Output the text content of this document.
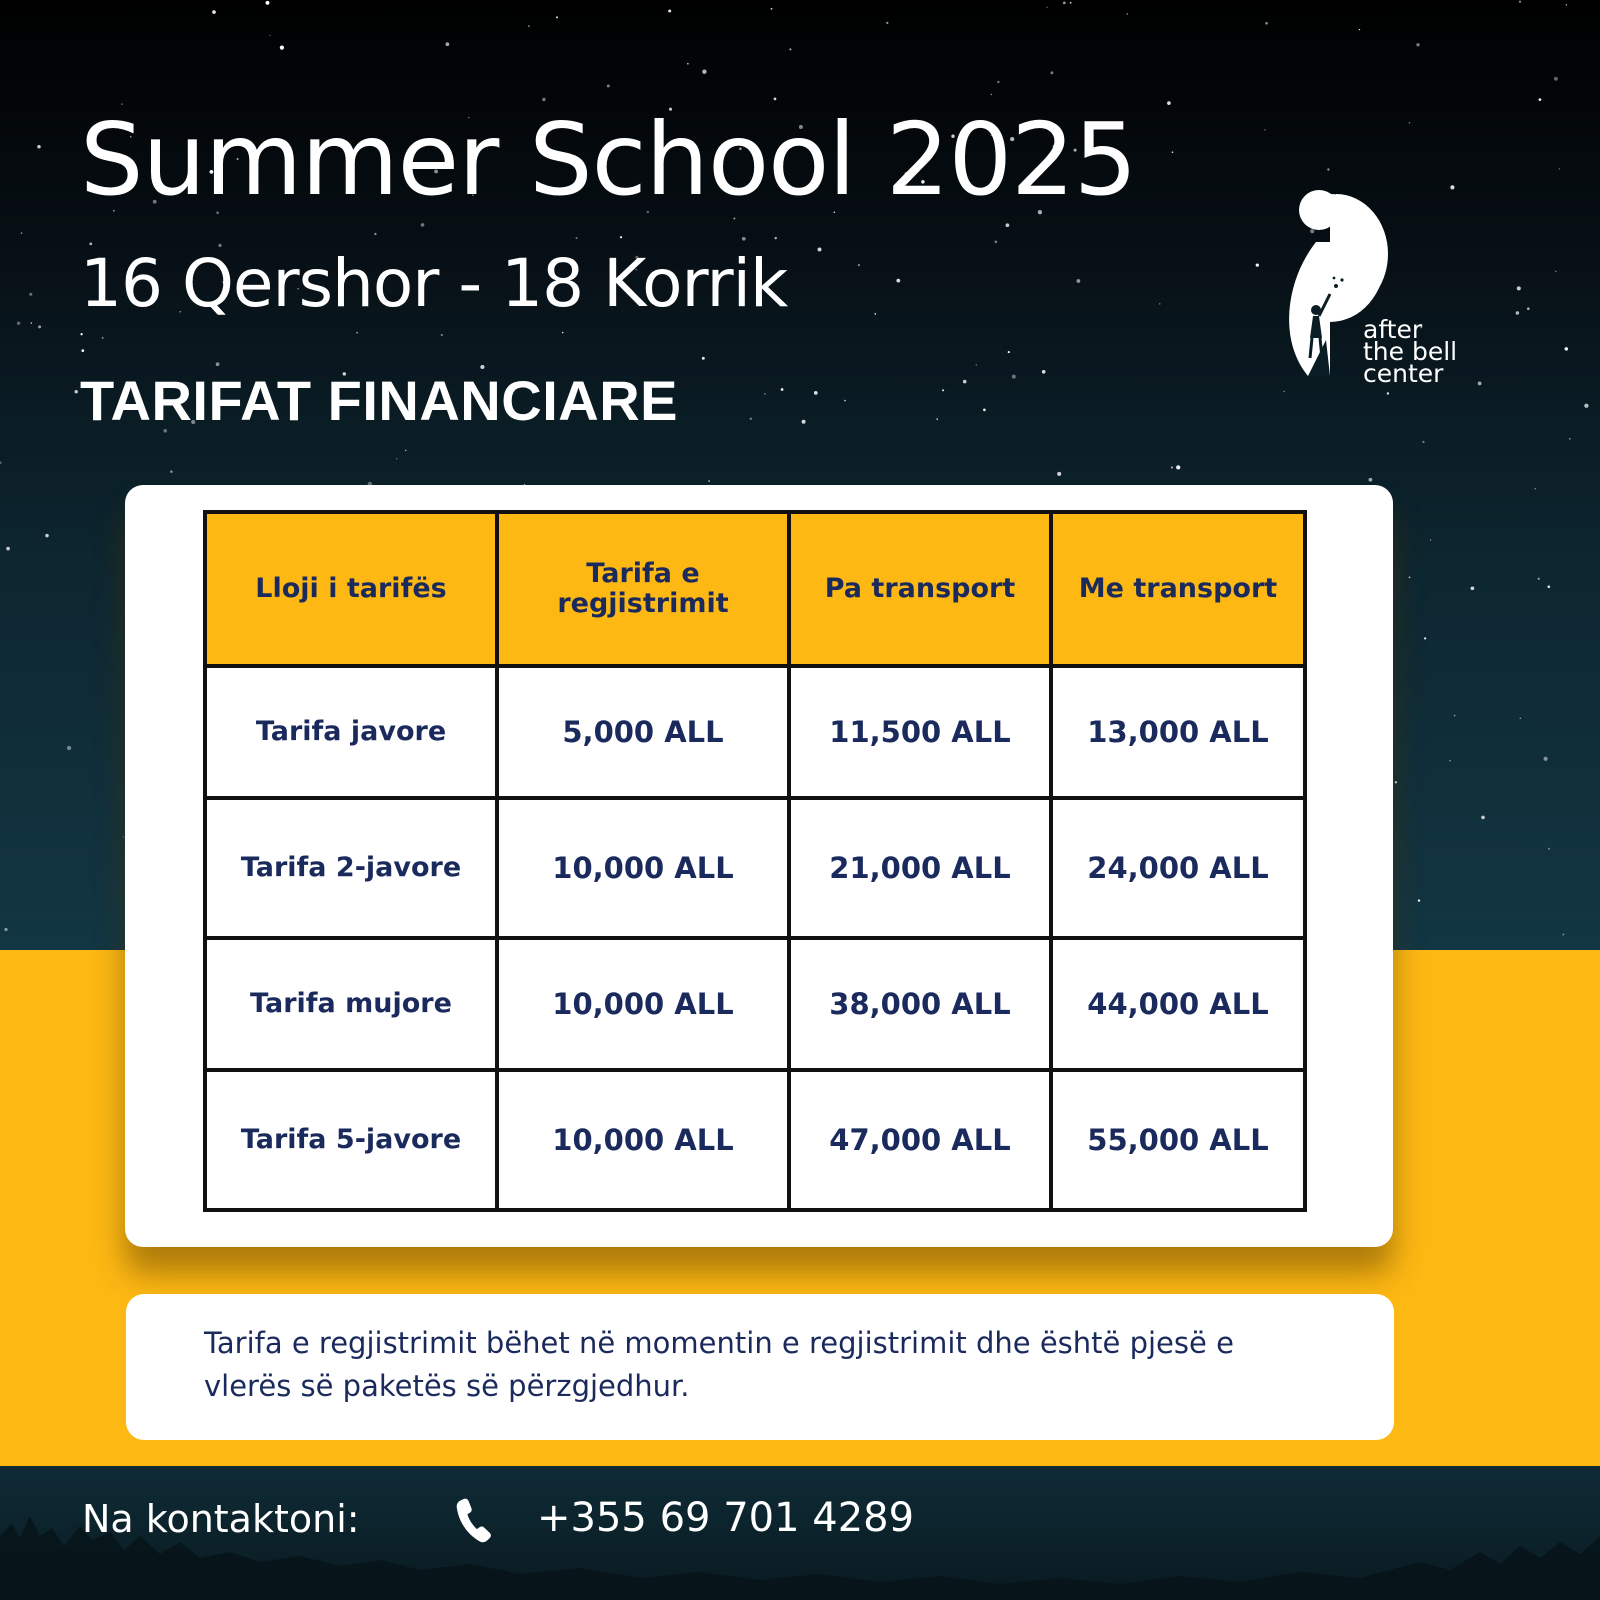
Summer School 2025
16 Qershor - 18 Korrik
TARIFAT FINANCIARE
after
the bell
center
Lloji i tarifës	Tarifa e regjistrimit	Pa transport	Me transport
Tarifa javore	5,000 ALL	11,500 ALL	13,000 ALL
Tarifa 2-javore	10,000 ALL	21,000 ALL	24,000 ALL
Tarifa mujore	10,000 ALL	38,000 ALL	44,000 ALL
Tarifa 5-javore	10,000 ALL	47,000 ALL	55,000 ALL
Tarifa e regjistrimit bëhet në momentin e regjistrimit dhe është pjesë e vlerës së paketës së përzgjedhur.
Na kontaktoni:	+355 69 701 4289
